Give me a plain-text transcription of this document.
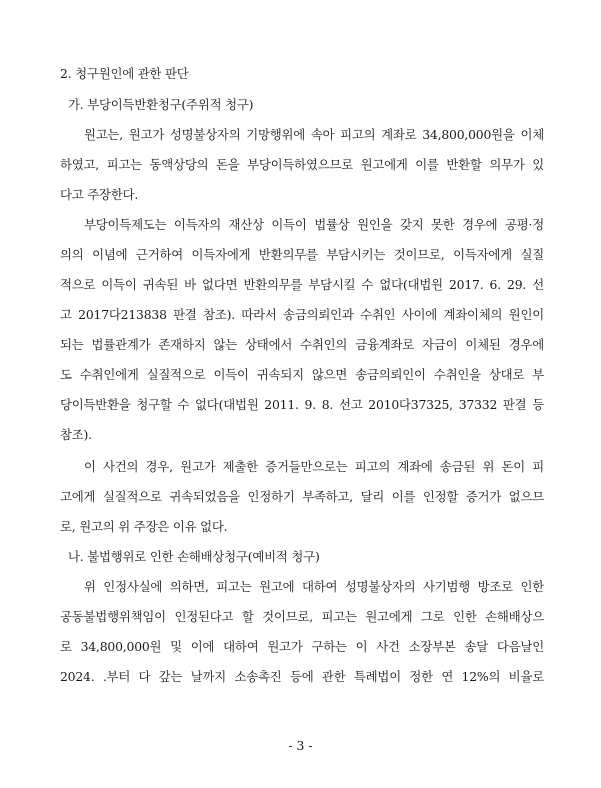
2. 청구원인에 관한 판단
가. 부당이득반환청구(주위적 청구)
원고는, 원고가 성명불상자의 기망행위에 속아 피고의 계좌로 34,800,000원을 이체
하였고, 피고는 동액상당의 돈을 부당이득하였으므로 원고에게 이를 반환할 의무가 있
다고 주장한다.
부당이득제도는 이득자의 재산상 이득이 법률상 원인을 갖지 못한 경우에 공평·정
의의 이념에 근거하여 이득자에게 반환의무를 부담시키는 것이므로, 이득자에게 실질
적으로 이득이 귀속된 바 없다면 반환의무를 부담시킬 수 없다(대법원 2017. 6. 29. 선
고 2017다213838 판결 참조). 따라서 송금의뢰인과 수취인 사이에 계좌이체의 원인이
되는 법률관계가 존재하지 않는 상태에서 수취인의 금융계좌로 자금이 이체된 경우에
도 수취인에게 실질적으로 이득이 귀속되지 않으면 송금의뢰인이 수취인을 상대로 부
당이득반환을 청구할 수 없다(대법원 2011. 9. 8. 선고 2010다37325, 37332 판결 등
참조).
이 사건의 경우, 원고가 제출한 증거들만으로는 피고의 계좌에 송금된 위 돈이 피
고에게 실질적으로 귀속되었음을 인정하기 부족하고, 달리 이를 인정할 증거가 없으므
로, 원고의 위 주장은 이유 없다.
나. 불법행위로 인한 손해배상청구(예비적 청구)
위 인정사실에 의하면, 피고는 원고에 대하여 성명불상자의 사기범행 방조로 인한
공동불법행위책임이 인정된다고 할 것이므로, 피고는 원고에게 그로 인한 손해배상으
로 34,800,000원 및 이에 대하여 원고가 구하는 이 사건 소장부본 송달 다음날인
2024. .부터 다 갚는 날까지 소송촉진 등에 관한 특례법이 정한 연 12%의 비율로
- 3 -
